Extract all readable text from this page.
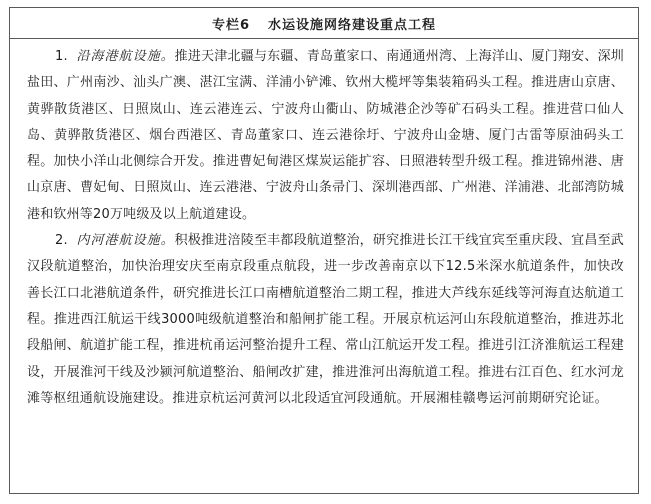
专栏6 水运设施网络建设重点工程

1. 沿海港航设施。推进天津北疆与东疆、青岛董家口、南通通州湾、上海洋山、厦门翔安、深圳盐田、广州南沙、汕头广澳、湛江宝满、洋浦小铲滩、钦州大榄坪等集装箱码头工程。推进唐山京唐、黄骅散货港区、日照岚山、连云港连云、宁波舟山衢山、防城港企沙等矿石码头工程。推进营口仙人岛、黄骅散货港区、烟台西港区、青岛董家口、连云港徐圩、宁波舟山金塘、厦门古雷等原油码头工程。加快小洋山北侧综合开发。推进曹妃甸港区煤炭运能扩容、日照港转型升级工程。推进锦州港、唐山京唐、曹妃甸、日照岚山、连云港港、宁波舟山条帚门、深圳港西部、广州港、洋浦港、北部湾防城港和钦州等20万吨级及以上航道建设。

2. 内河港航设施。积极推进涪陵至丰都段航道整治，研究推进长江干线宜宾至重庆段、宜昌至武汉段航道整治，加快治理安庆至南京段重点航段，进一步改善南京以下12.5米深水航道条件，加快改善长江口北港航道条件，研究推进长江口南槽航道整治二期工程，推进大芦线东延线等河海直达航道工程。推进西江航运干线3000吨级航道整治和船闸扩能工程。开展京杭运河山东段航道整治，推进苏北段船闸、航道扩能工程，推进杭甬运河整治提升工程、常山江航运开发工程。推进引江济淮航运工程建设，开展淮河干线及沙颍河航道整治、船闸改扩建，推进淮河出海航道工程。推进右江百色、红水河龙滩等枢纽通航设施建设。推进京杭运河黄河以北段适宜河段通航。开展湘桂赣粤运河前期研究论证。
